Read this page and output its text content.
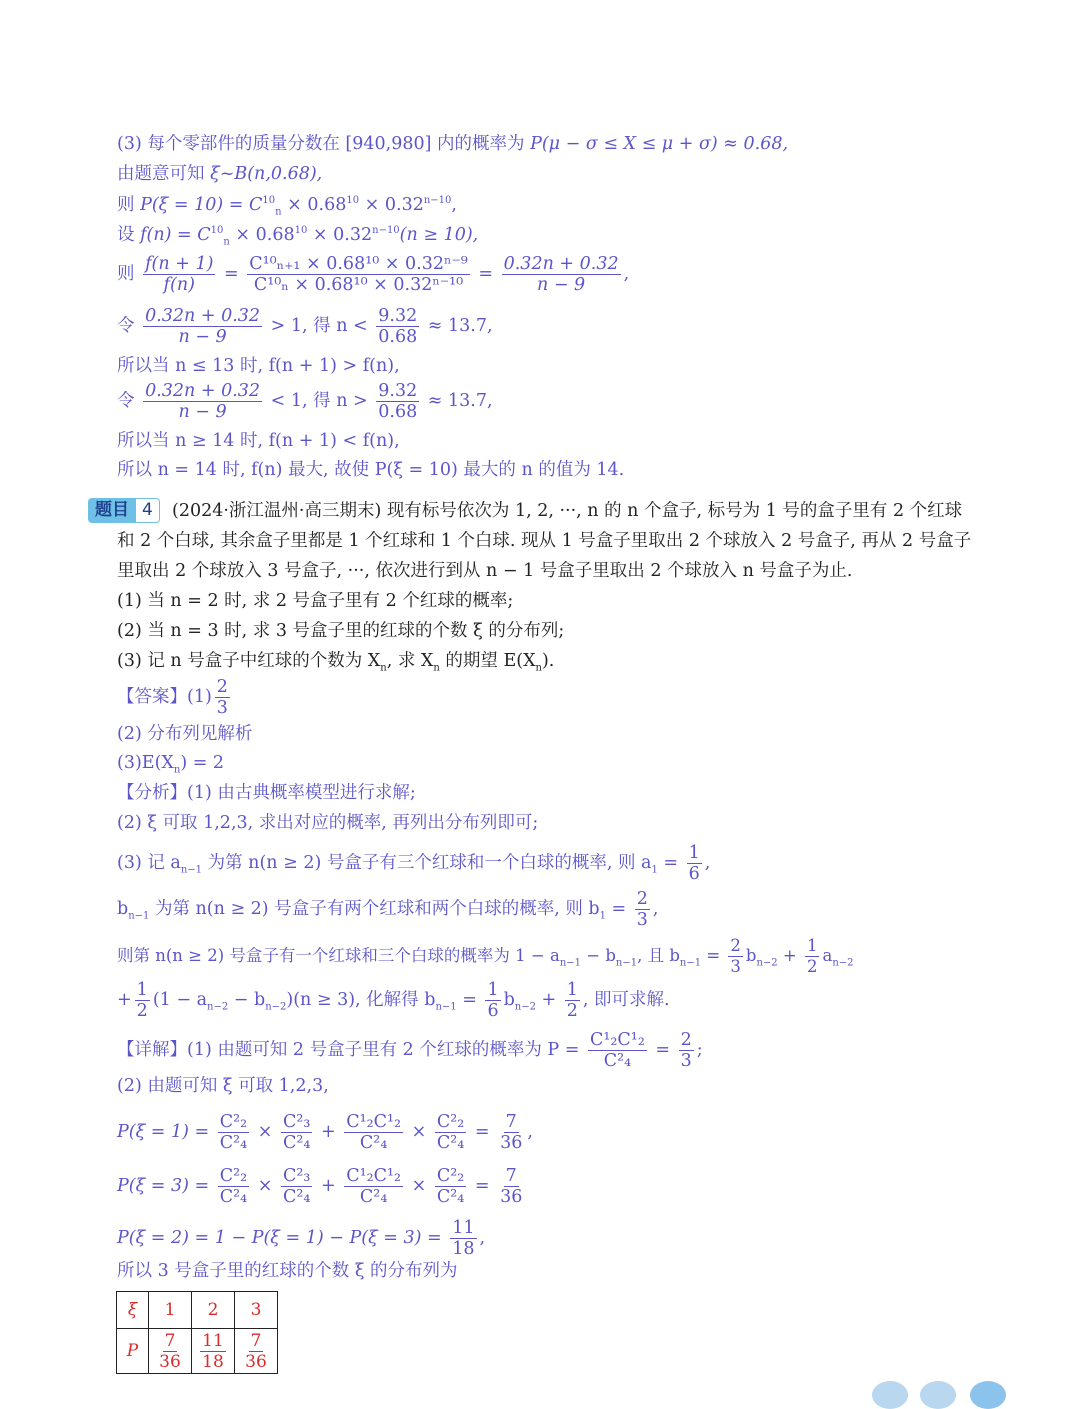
(3) 每个零部件的质量分数在 [940,980] 内的概率为 P(μ − σ ≤ X ≤ μ + σ) ≈ 0.68,
由题意可知 ξ~B(n,0.68),
则 $P(\xi = 10) = C^{10}_n \times 0.68^{10} \times 0.32^{n-10}$,
设 $f(n) = C^{10}_n \times 0.68^{10} \times 0.32^{n-10}(n \ge 10)$,
则 $\frac{f(n + 1)}{f(n)} = \frac{\text{C¹⁰ₙ₊₁ × 0.68¹⁰ × 0.32ⁿ⁻⁹}}{\text{C¹⁰ₙ × 0.68¹⁰ × 0.32ⁿ⁻¹⁰}} = \frac{0.32n + 0.32}{n - 9}$ ,
令 $\frac{0.32n + 0.32}{n - 9} > 1$, 得 $n < \frac{9.32}{0.68} \approx 13.7$,
所以当 n ≤ 13 时, f(n + 1) > f(n),
令 $\frac{0.32n + 0.32}{n - 9} < 1$, 得 $n > \frac{9.32}{0.68} \approx 13.7$,
所以当 n ≥ 14 时, f(n + 1) < f(n),
所以 n = 14 时, f(n) 最大, 故使 P(ξ = 10) 最大的 n 的值为 14.
题目 4	(2024·浙江温州·高三期末) 现有标号依次为 1, 2, ···, n 的 n 个盒子, 标号为 1 号的盒子里有 2 个红球
和 2 个白球, 其余盒子里都是 1 个红球和 1 个白球. 现从 1 号盒子里取出 2 个球放入 2 号盒子, 再从 2 号盒子
里取出 2 个球放入 3 号盒子, ···, 依次进行到从 n − 1 号盒子里取出 2 个球放入 n 号盒子为止.
(1) 当 n = 2 时, 求 2 号盒子里有 2 个红球的概率;
(2) 当 n = 3 时, 求 3 号盒子里的红球的个数 ξ 的分布列;
(3) 记 n 号盒子中红球的个数为 $X_n$, 求 $X_n$ 的期望 $E(X_n)$.
【答案】$(1) \frac{2}{3}$
(2) 分布列见解析
$(3)E(X_n) = 2$
【分析】(1) 由古典概率模型进行求解;
(2) ξ 可取 1,2,3, 求出对应的概率, 再列出分布列即可;
(3) 记 $a_{n-1}$ 为第 n(n ≥ 2) 号盒子有三个红球和一个白球的概率, 则 $a_1 = \frac{1}{6}$ ,
$b_{n-1}$ 为第 n(n ≥ 2) 号盒子有两个红球和两个白球的概率, 则 $b_1 = \frac{2}{3}$ ,
则第 n(n ≥ 2) 号盒子有一个红球和三个白球的概率为 $1 - a_{n-1} - b_{n-1}$, 且 $b_{n-1} = \frac{2}{3} b_{n-2} + \frac{1}{2} a_{n-2}$
+ $\frac{1}{2} (1 - a_{n-2} - b_{n-2})(n \ge 3)$, 化解得 $b_{n-1} = \frac{1}{6} b_{n-2} + \frac{1}{2}$ , 即可求解.
【详解】(1) 由题可知 2 号盒子里有 2 个红球的概率为 $P = \frac{\text{C¹₂C¹₂}}{\text{C²₄}} = \frac{2}{3}$ ;
(2) 由题可知 ξ 可取 1,2,3,
$P(\xi = 1) = \frac{\text{C²₂}}{\text{C²₄}} \times \frac{\text{C²₃}}{\text{C²₄}} + \frac{\text{C¹₂C¹₂}}{\text{C²₄}} \times \frac{\text{C²₂}}{\text{C²₄}} = \frac{7}{36}$ ,
$P(\xi = 3) = \frac{\text{C²₂}}{\text{C²₄}} \times \frac{\text{C²₃}}{\text{C²₄}} + \frac{\text{C¹₂C¹₂}}{\text{C²₄}} \times \frac{\text{C²₂}}{\text{C²₄}} = \frac{7}{36}$
$P(\xi = 2) = 1 - P(\xi = 1) - P(\xi = 3) = \frac{11}{18}$ ,
所以 3 号盒子里的红球的个数 ξ 的分布列为
ξ	1	2	3
P	$\frac{7}{36}$	$\frac{11}{18}$	$\frac{7}{36}$
